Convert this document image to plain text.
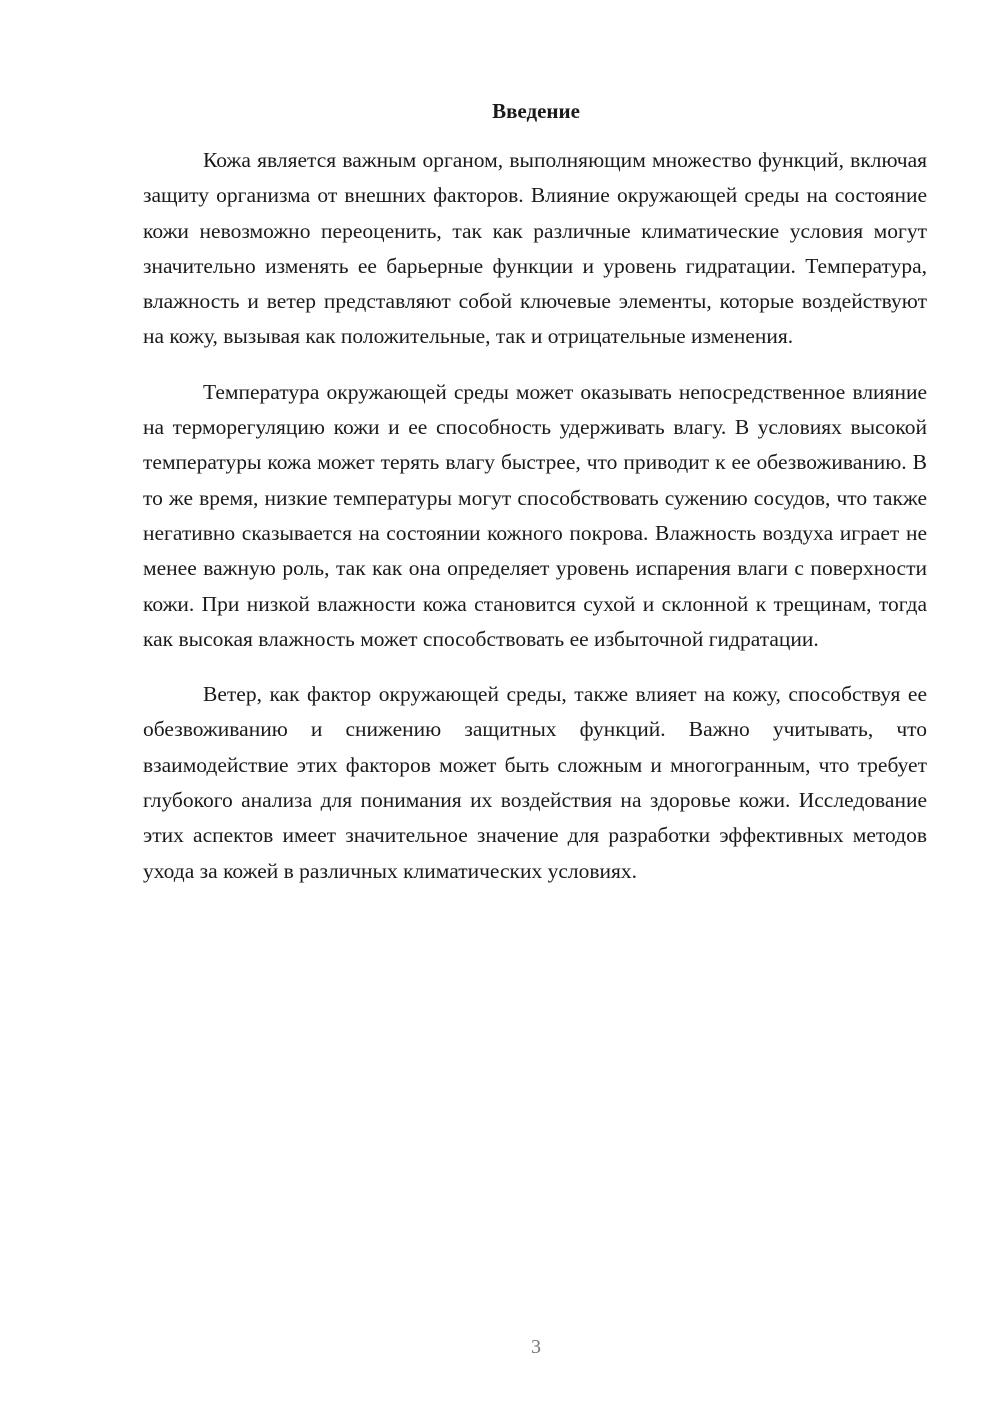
Введение

Кожа является важным органом, выполняющим множество функций, включая защиту организма от внешних факторов. Влияние окружающей среды на состояние кожи невозможно переоценить, так как различные климатические условия могут значительно изменять ее барьерные функции и уровень гидратации. Температура, влажность и ветер представляют собой ключевые элементы, которые воздействуют на кожу, вызывая как положительные, так и отрицательные изменения.

Температура окружающей среды может оказывать непосредственное влияние на терморегуляцию кожи и ее способность удерживать влагу. В условиях высокой температуры кожа может терять влагу быстрее, что приводит к ее обезвоживанию. В то же время, низкие температуры могут способствовать сужению сосудов, что также негативно сказывается на состоянии кожного покрова. Влажность воздуха играет не менее важную роль, так как она определяет уровень испарения влаги с поверхности кожи. При низкой влажности кожа становится сухой и склонной к трещинам, тогда как высокая влажность может способствовать ее избыточной гидратации.

Ветер, как фактор окружающей среды, также влияет на кожу, способствуя ее обезвоживанию и снижению защитных функций. Важно учитывать, что взаимодействие этих факторов может быть сложным и многогранным, что требует глубокого анализа для понимания их воздействия на здоровье кожи. Исследование этих аспектов имеет значительное значение для разработки эффективных методов ухода за кожей в различных климатических условиях.

3
